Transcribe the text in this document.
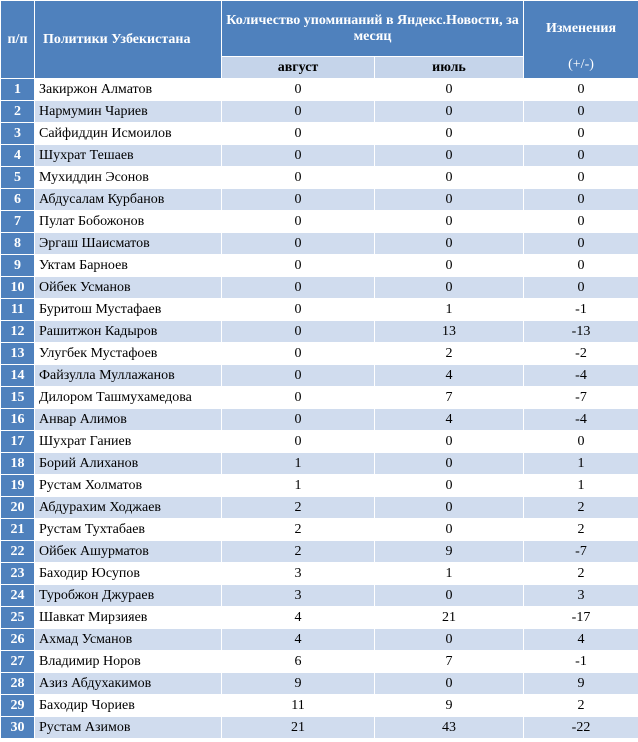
п/п	Политики Узбекистана	Количество упоминаний в Яндекс.Новости, за месяц		Изменения
(+/-)

		август	июль	
1	Закиржон Алматов	0	0	0
2	Нармумин Чариев	0	0	0
3	Сайфиддин Исмоилов	0	0	0
4	Шухрат Тешаев	0	0	0
5	Мухиддин Эсонов	0	0	0
6	Абдусалам Курбанов	0	0	0
7	Пулат Бобожонов	0	0	0
8	Эргаш Шаисматов	0	0	0
9	Уктам Барноев	0	0	0
10	Ойбек Усманов	0	0	0
11	Буритош Мустафаев	0	1	-1
12	Рашитжон Кадыров	0	13	-13
13	Улугбек Мустафоев	0	2	-2
14	Файзулла Муллажанов	0	4	-4
15	Дилором Ташмухамедова	0	7	-7
16	Анвар Алимов	0	4	-4
17	Шухрат Ганиев	0	0	0
18	Борий Алиханов	1	0	1
19	Рустам Холматов	1	0	1
20	Абдурахим Ходжаев	2	0	2
21	Рустам Тухтабаев	2	0	2
22	Ойбек Ашурматов	2	9	-7
23	Баходир Юсупов	3	1	2
24	Туробжон Джураев	3	0	3
25	Шавкат Мирзияев	4	21	-17
26	Ахмад Усманов	4	0	4
27	Владимир Норов	6	7	-1
28	Азиз Абдухакимов	9	0	9
29	Баходир Чориев	11	9	2
30	Рустам Азимов	21	43	-22
